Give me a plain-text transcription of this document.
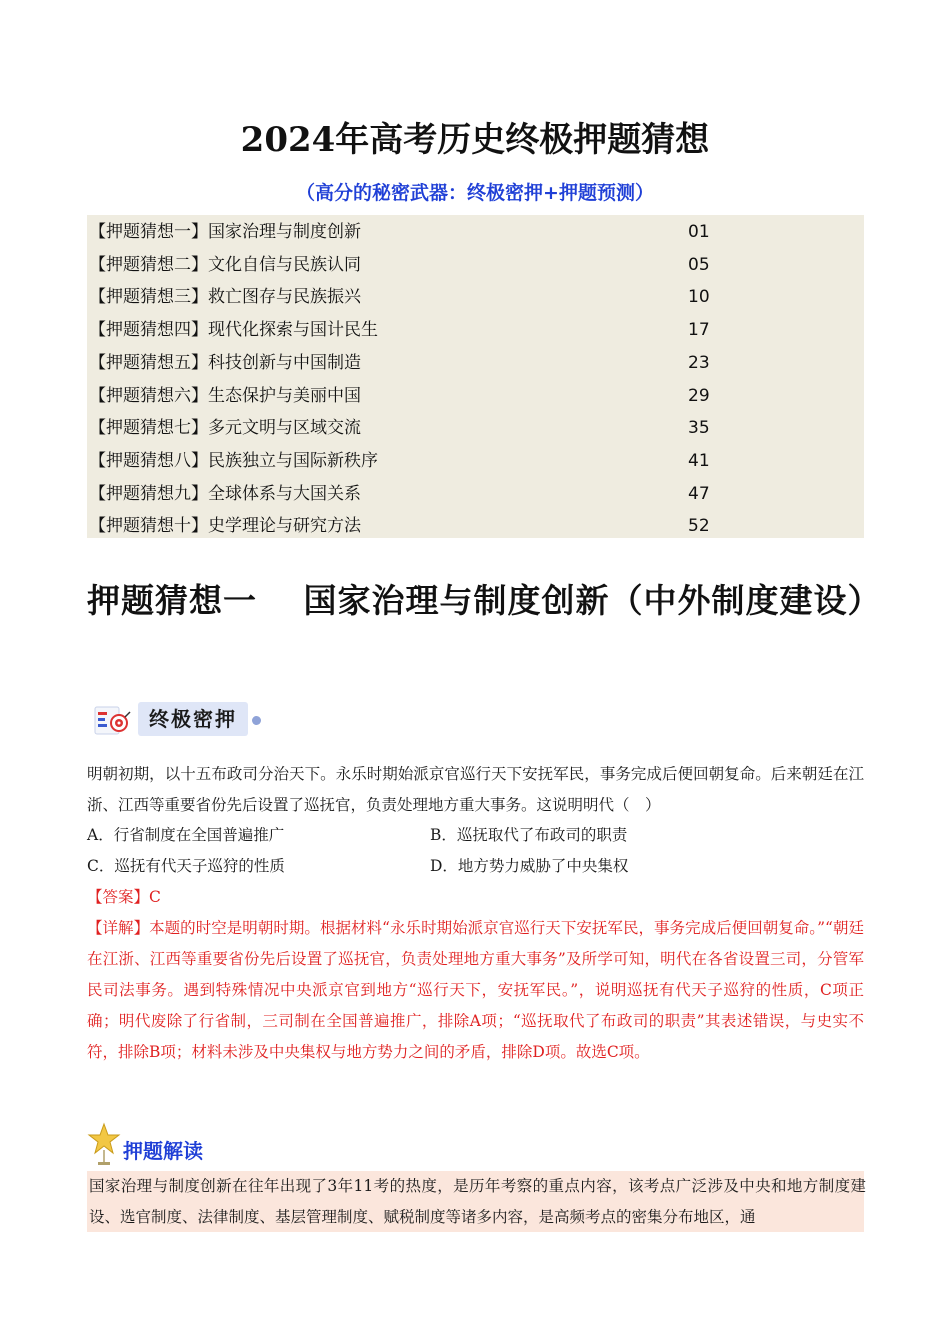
2024年高考历史终极押题猜想
（高分的秘密武器：终极密押+押题预测）
【押题猜想一】国家治理与制度创新	01
【押题猜想二】文化自信与民族认同	05
【押题猜想三】救亡图存与民族振兴	10
【押题猜想四】现代化探索与国计民生	17
【押题猜想五】科技创新与中国制造	23
【押题猜想六】生态保护与美丽中国	29
【押题猜想七】多元文明与区域交流	35
【押题猜想八】民族独立与国际新秩序	41
【押题猜想九】全球体系与大国关系	47
【押题猜想十】史学理论与研究方法	52
押题猜想一　 国家治理与制度创新（中外制度建设）
终极密押
明朝初期，以十五布政司分治天下。永乐时期始派京官巡行天下安抚军民，事务完成后便回朝复命。后来朝廷在江浙、江西等重要省份先后设置了巡抚官，负责处理地方重大事务。这说明明代（　）
A．行省制度在全国普遍推广	B．巡抚取代了布政司的职责
C．巡抚有代天子巡狩的性质	D．地方势力威胁了中央集权
【答案】C
【详解】本题的时空是明朝时期。根据材料“永乐时期始派京官巡行天下安抚军民，事务完成后便回朝复命。”“朝廷在江浙、江西等重要省份先后设置了巡抚官，负责处理地方重大事务”及所学可知，明代在各省设置三司，分管军民司法事务。遇到特殊情况中央派京官到地方“巡行天下，安抚军民。”，说明巡抚有代天子巡狩的性质，C项正确；明代废除了行省制，三司制在全国普遍推广，排除A项；“巡抚取代了布政司的职责”其表述错误，与史实不符，排除B项；材料未涉及中央集权与地方势力之间的矛盾，排除D项。故选C项。
押题解读
国家治理与制度创新在往年出现了3年11考的热度，是历年考察的重点内容，该考点广泛涉及中央和地方制度建设、选官制度、法律制度、基层管理制度、赋税制度等诸多内容，是高频考点的密集分布地区，通
